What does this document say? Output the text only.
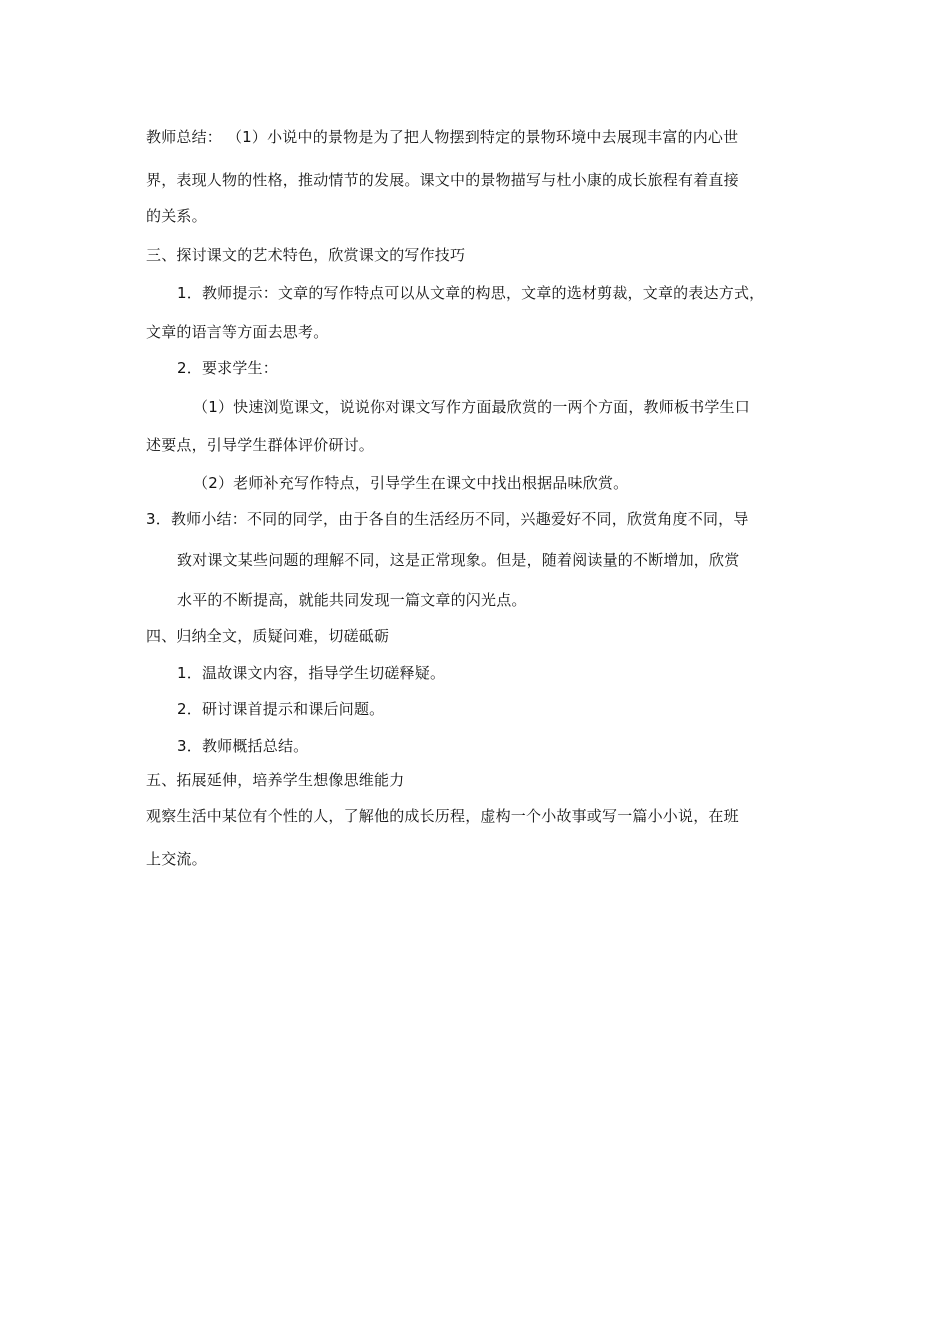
教师总结： （1）小说中的景物是为了把人物摆到特定的景物环境中去展现丰富的内心世
界，表现人物的性格，推动情节的发展。课文中的景物描写与杜小康的成长旅程有着直接
的关系。
三、探讨课文的艺术特色，欣赏课文的写作技巧
1．教师提示：文章的写作特点可以从文章的构思，文章的选材剪裁，文章的表达方式，
文章的语言等方面去思考。
2．要求学生：
（1）快速浏览课文，说说你对课文写作方面最欣赏的一两个方面，教师板书学生口
述要点，引导学生群体评价研讨。
（2）老师补充写作特点，引导学生在课文中找出根据品味欣赏。
3．教师小结：不同的同学，由于各自的生活经历不同，兴趣爱好不同，欣赏角度不同，导
致对课文某些问题的理解不同，这是正常现象。但是，随着阅读量的不断增加，欣赏
水平的不断提高，就能共同发现一篇文章的闪光点。
四、归纳全文，质疑问难，切磋砥砺
1．温故课文内容，指导学生切磋释疑。
2．研讨课首提示和课后问题。
3．教师概括总结。
五、拓展延伸，培养学生想像思维能力
观察生活中某位有个性的人，了解他的成长历程，虚构一个小故事或写一篇小小说，在班
上交流。
